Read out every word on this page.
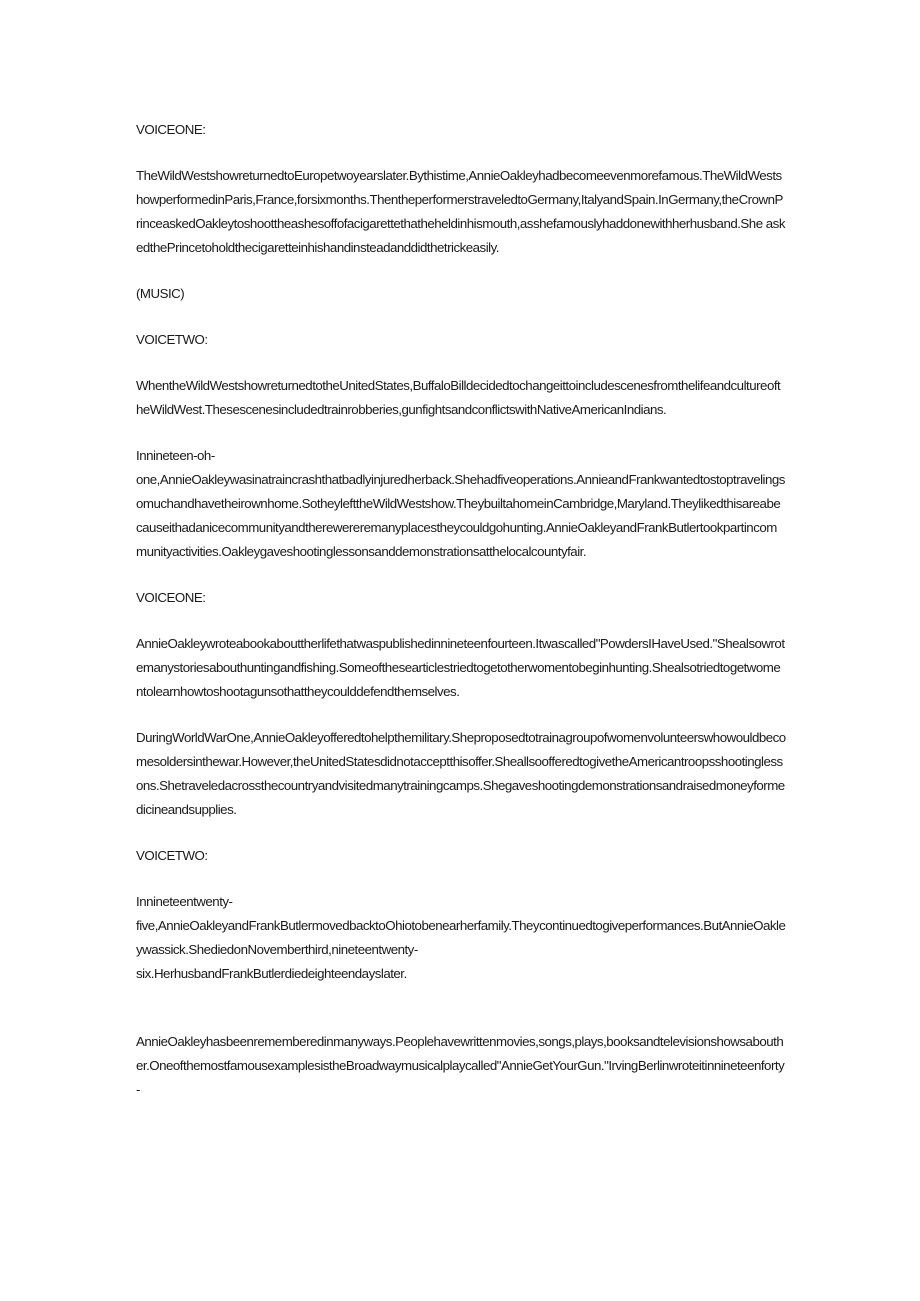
VOICEONE:

TheWildWestshowreturnedtoEuropetwoyearslater.Bythistime,AnnieOakleyhadbecomeevenmorefamous.TheWildWestshowperformedinParis,France,forsixmonths.ThentheperformerstraveledtoGermany,ItalyandSpain.InGermany,theCrownPrinceaskedOakleytoshoottheashesoffofacigarettethatheheldinhismouth,asshefamouslyhaddonewithherhusband.She askedthePrincetoholdthecigaretteinhishandinsteadanddidthetrickeasily.

(MUSIC)

VOICETWO:

WhentheWildWestshowreturnedtotheUnitedStates,BuffaloBilldecidedtochangeittoincludescenesfromthelifeandcultureoftheWildWest.Thesescenesincludedtrainrobberies,gunfightsandconflictswithNativeAmericanIndians.

Innineteen-oh-

one,AnnieOakleywasinatraincrashthatbadlyinjuredherback.Shehadfiveoperations.AnnieandFrankwantedtostoptravelingsomuchandhavetheirownhome.SotheylefttheWildWestshow.TheybuiltahomeinCambridge,Maryland.Theylikedthisareabecauseithadanicecommunityandtherewereremanyplacestheycouldgohunting.AnnieOakleyandFrankButlertookpartincommunityactivities.Oakleygaveshootinglessonsanddemonstrationsatthelocalcountyfair.

VOICEONE:

AnnieOakleywroteabookabouttherlifethatwaspublishedinnineteenfourteen.Itwascalled"PowdersIHaveUsed."Shealsowrotemanystoriesabouthuntingandfishing.Someofthesearticlestriedtogetotherwomentobeginhunting.Shealsotriedtogetwomentolearnhowtoshootagunsothattheycoulddefendthemselves.

DuringWorldWarOne,AnnieOakleyofferedtohelpthemilitary.Sheproposedtotrainagroupofwomenvolunteerswhowouldbecomesoldersinthewar.However,theUnitedStatesdidnotacceptthisoffer.SheallsoofferedtogivetheAmericantroopsshootinglessons.Shetraveledacrossthecountryandvisitedmanytrainingcamps.Shegaveshootingdemonstrationsandraisedmoneyformedicineandsupplies.

VOICETWO:

Innineteentwenty-

five,AnnieOakleyandFrankButlermovedbacktoOhiotobenearherfamily.Theycontinuedtogiveperformances.ButAnnieOakleywassick.ShediedonNovemberthird,nineteentwenty-

six.HerhusbandFrankButlerdiedeighteendayslater.

AnnieOakleyhasbeenrememberedinmanyways.Peoplehavewrittenmovies,songs,plays,booksandtelevisionshowsabouther.OneofthemostfamousexamplesistheBroadwaymusicalplaycalled"AnnieGetYourGun."IrvingBerlinwroteitinnineteenforty-
